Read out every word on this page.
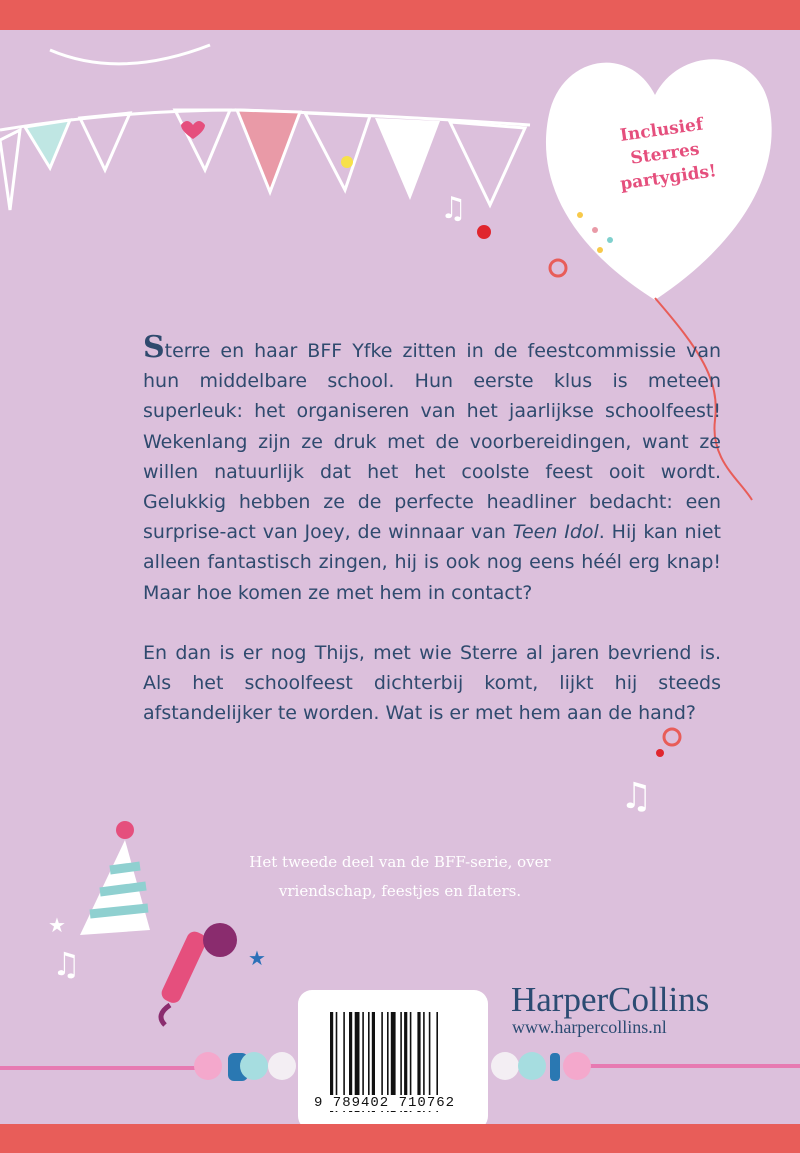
♫
♫
★
★
♫
Inclusief
Sterres partygids!

Sterre en haar BFF Yfke zitten in de feestcommissie van hun middelbare school. Hun eerste klus is meteen superleuk: het organiseren van het jaarlijkse schoolfeest! Wekenlang zijn ze druk met de voorbereidingen, want ze willen natuurlijk dat het het coolste feest ooit wordt. Gelukkig hebben ze de perfecte headliner bedacht: een surprise-act van Joey, de winnaar van Teen Idol. Hij kan niet alleen fantastisch zingen, hij is ook nog eens héél erg knap! Maar hoe komen ze met hem in contact?

En dan is er nog Thijs, met wie Sterre al jaren bevriend is. Als het schoolfeest dichterbij komt, lijkt hij steeds afstandelijker te worden. Wat is er met hem aan de hand?

Het tweede deel van de BFF-serie, over
vriendschap, feestjes en flaters.
9 789402 710762
HarperCollins
www.harpercollins.nl
